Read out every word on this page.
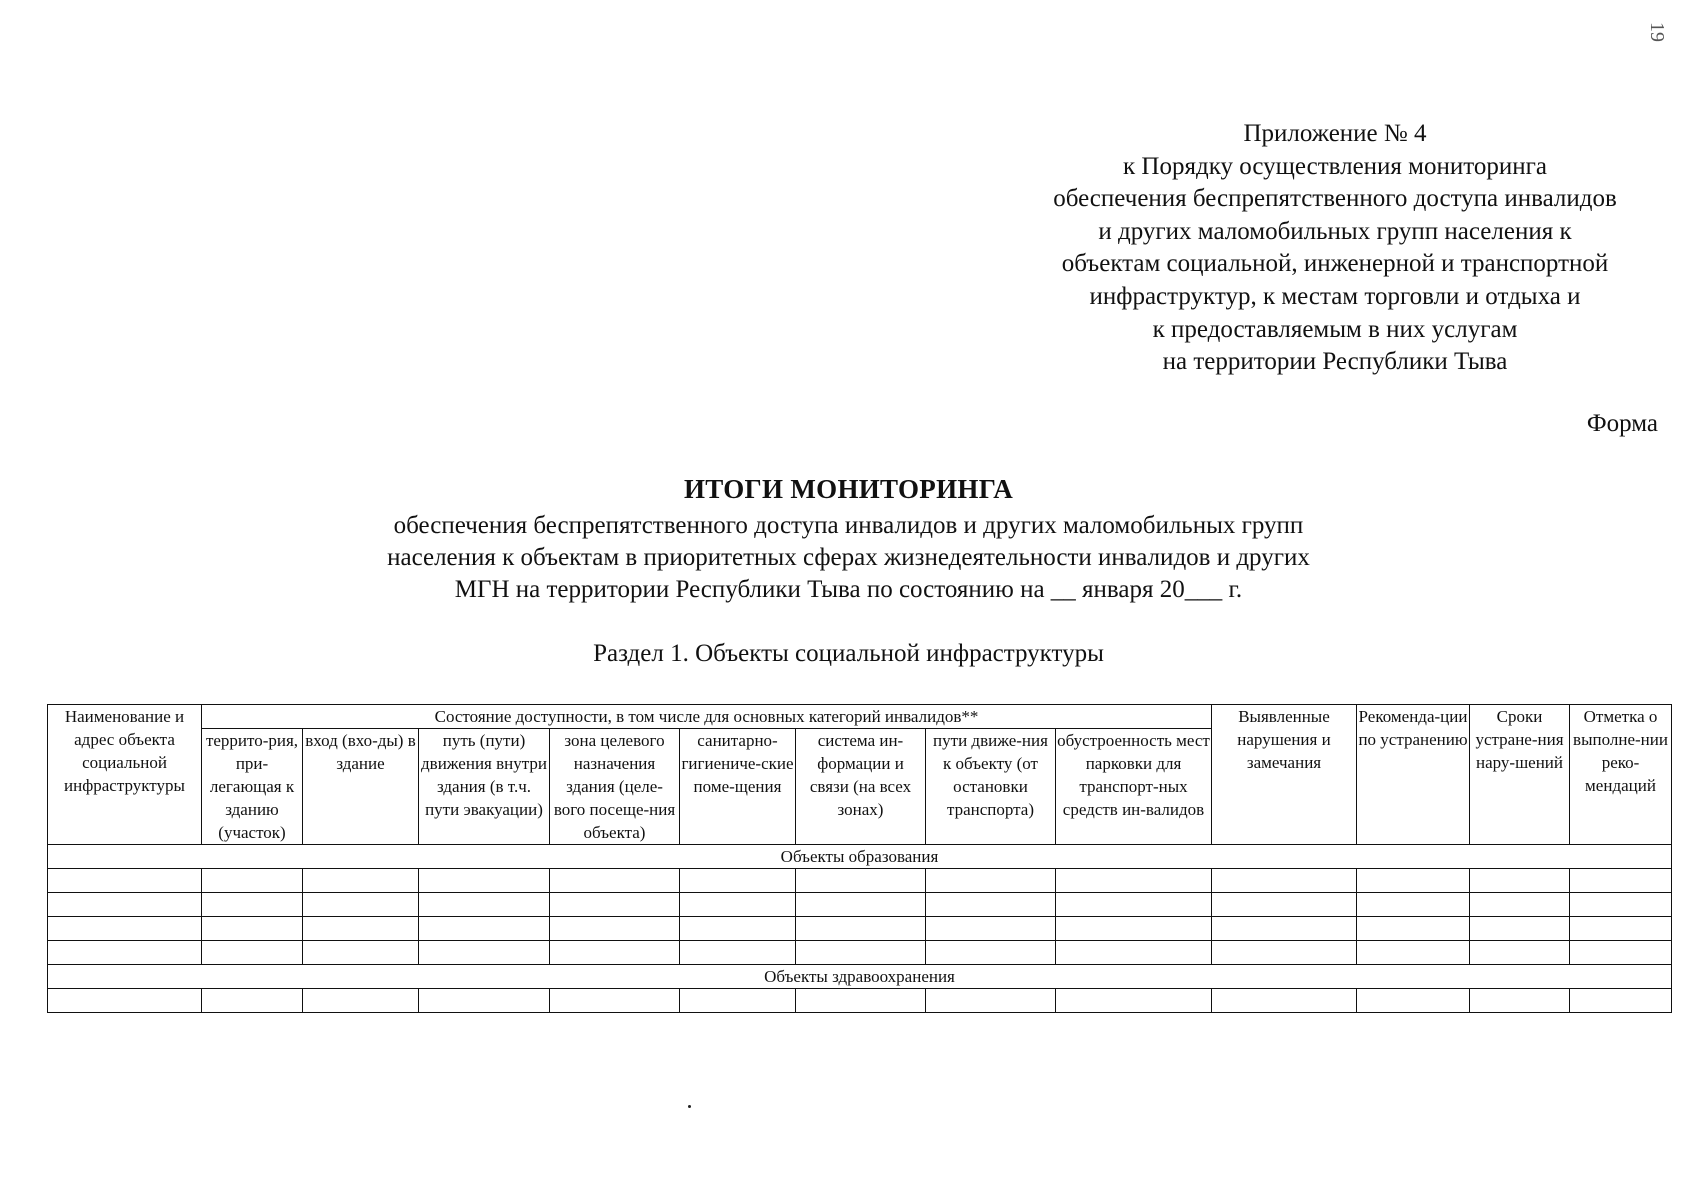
19
Приложение № 4
к Порядку осуществления мониторинга
обеспечения беспрепятственного доступа инвалидов
и других маломобильных групп населения к
объектам социальной, инженерной и транспортной
инфраструктур, к местам торговли и отдыха и
к предоставляемым в них услугам
на территории Республики Тыва
Форма
ИТОГИ МОНИТОРИНГА
обеспечения беспрепятственного доступа инвалидов и других маломобильных групп
населения к объектам в приоритетных сферах жизнедеятельности инвалидов и других
МГН на территории Республики Тыва по состоянию на __ января 20___ г.
Раздел 1. Объекты социальной инфраструктуры
Наименование и адрес объекта социальной инфраструктуры	Состояние доступности, в том числе для основных категорий инвалидов**								Выявленные нарушения и замечания	Рекоменда-ции по устранению	Сроки устране-ния нару-шений	Отметка о выполне-нии реко-мендаций

	террито-рия, при-легающая к зданию (участок)	вход (вхо-ды) в здание	путь (пути) движения внутри здания (в т.ч. пути эвакуации)	зона целевого назначения здания (целе-вого посеще-ния объекта)	санитарно-гигиениче-ские поме-щения	система ин-формации и связи (на всех зонах)	пути движе-ния к объекту (от остановки транспорта)	обустроенность мест парковки для транспорт-ных средств ин-валидов				

Объекты образования												

Объекты здравоохранения												
